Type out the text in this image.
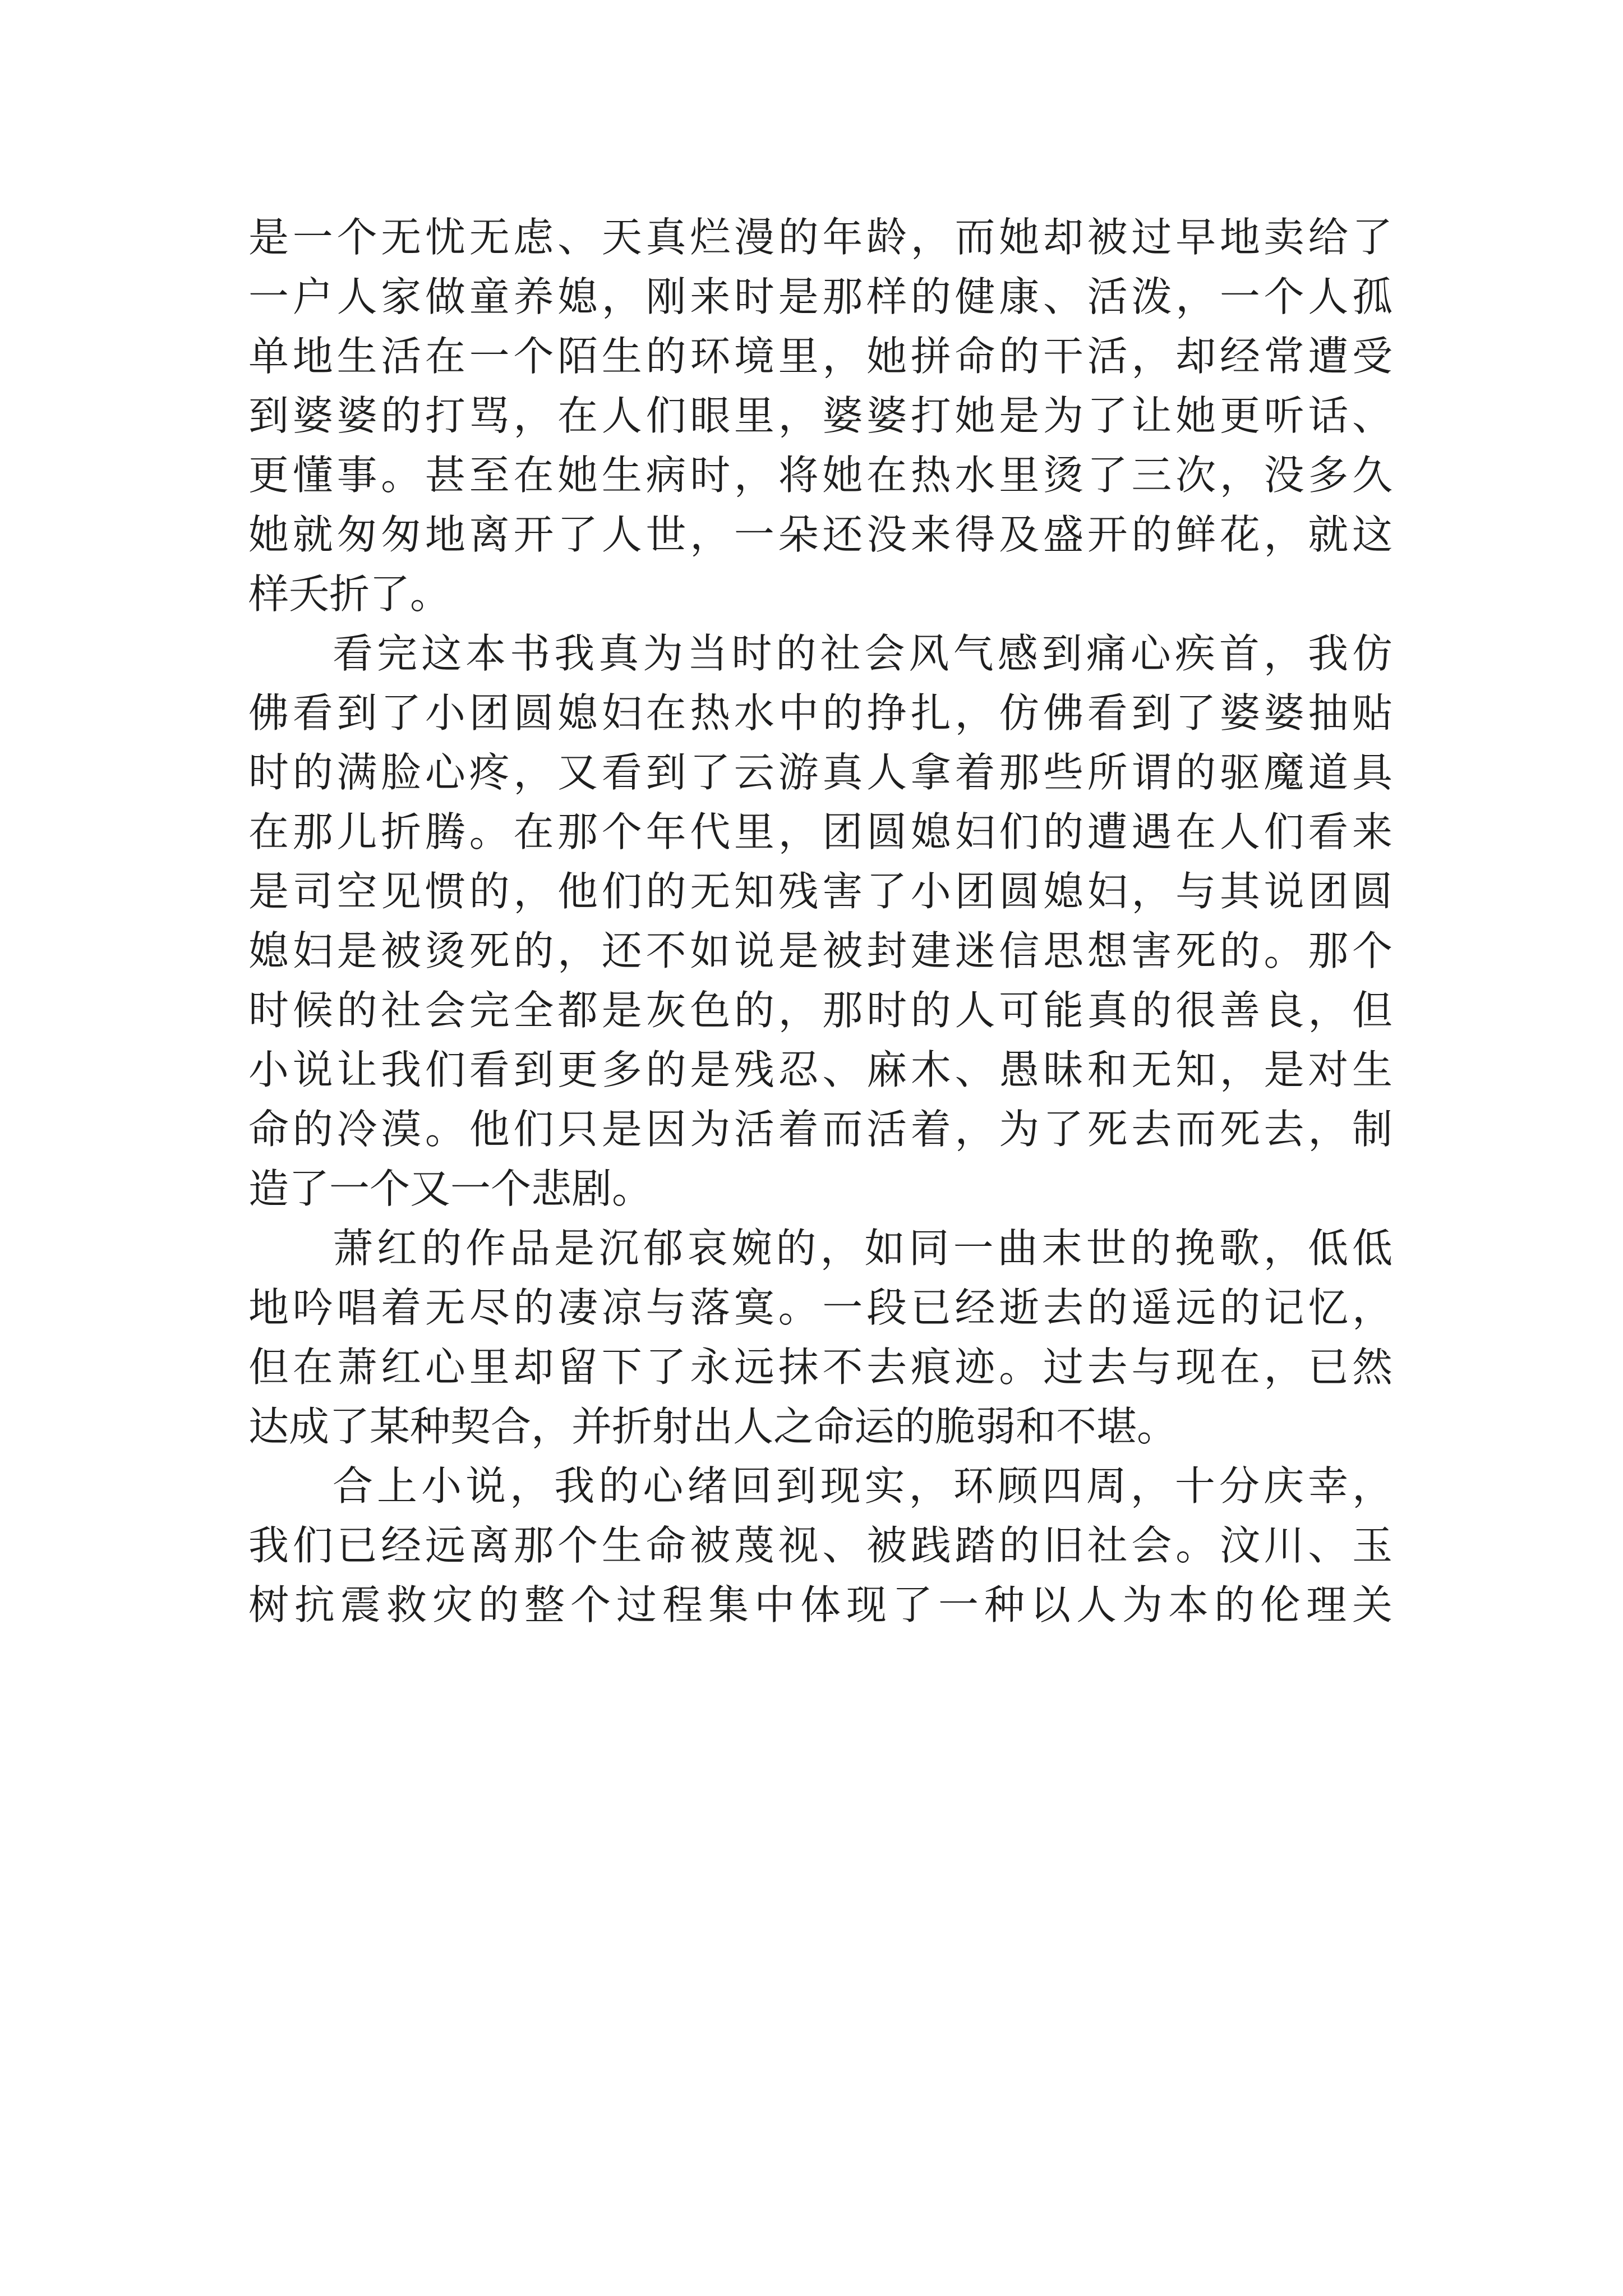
是一个无忧无虑、天真烂漫的年龄，而她却被过早地卖给了
一户人家做童养媳，刚来时是那样的健康、活泼，一个人孤
单地生活在一个陌生的环境里，她拼命的干活，却经常遭受
到婆婆的打骂，在人们眼里，婆婆打她是为了让她更听话、
更懂事。甚至在她生病时，将她在热水里烫了三次，没多久
她就匆匆地离开了人世，一朵还没来得及盛开的鲜花，就这
样夭折了。
看完这本书我真为当时的社会风气感到痛心疾首，我仿
佛看到了小团圆媳妇在热水中的挣扎，仿佛看到了婆婆抽贴
时的满脸心疼，又看到了云游真人拿着那些所谓的驱魔道具
在那儿折腾。在那个年代里，团圆媳妇们的遭遇在人们看来
是司空见惯的，他们的无知残害了小团圆媳妇，与其说团圆
媳妇是被烫死的，还不如说是被封建迷信思想害死的。那个
时候的社会完全都是灰色的，那时的人可能真的很善良，但
小说让我们看到更多的是残忍、麻木、愚昧和无知，是对生
命的冷漠。他们只是因为活着而活着，为了死去而死去，制
造了一个又一个悲剧。
萧红的作品是沉郁哀婉的，如同一曲末世的挽歌，低低
地吟唱着无尽的凄凉与落寞。一段已经逝去的遥远的记忆，
但在萧红心里却留下了永远抹不去痕迹。过去与现在，已然
达成了某种契合，并折射出人之命运的脆弱和不堪。
合上小说，我的心绪回到现实，环顾四周，十分庆幸，
我们已经远离那个生命被蔑视、被践踏的旧社会。汶川、玉
树抗震救灾的整个过程集中体现了一种以人为本的伦理关
